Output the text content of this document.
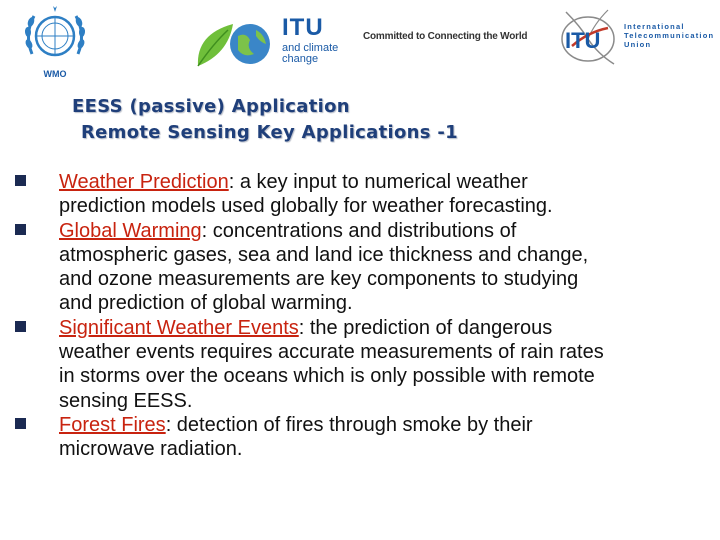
WMO
ITU
and climate change
Committed to Connecting the World ITU
International Telecommunication Union
EESS (passive) Application
Remote Sensing Key Applications -1
Weather Prediction: a key input to numerical weather prediction models used globally for weather forecasting.
Global Warming: concentrations and distributions of atmospheric gases, sea and land ice thickness and change, and ozone measurements are key components to studying and prediction of global warming.
Significant Weather Events: the prediction of dangerous weather events requires accurate measurements of rain rates in storms over the oceans which is only possible with remote sensing EESS.
Forest Fires: detection of fires through smoke by their microwave radiation.
